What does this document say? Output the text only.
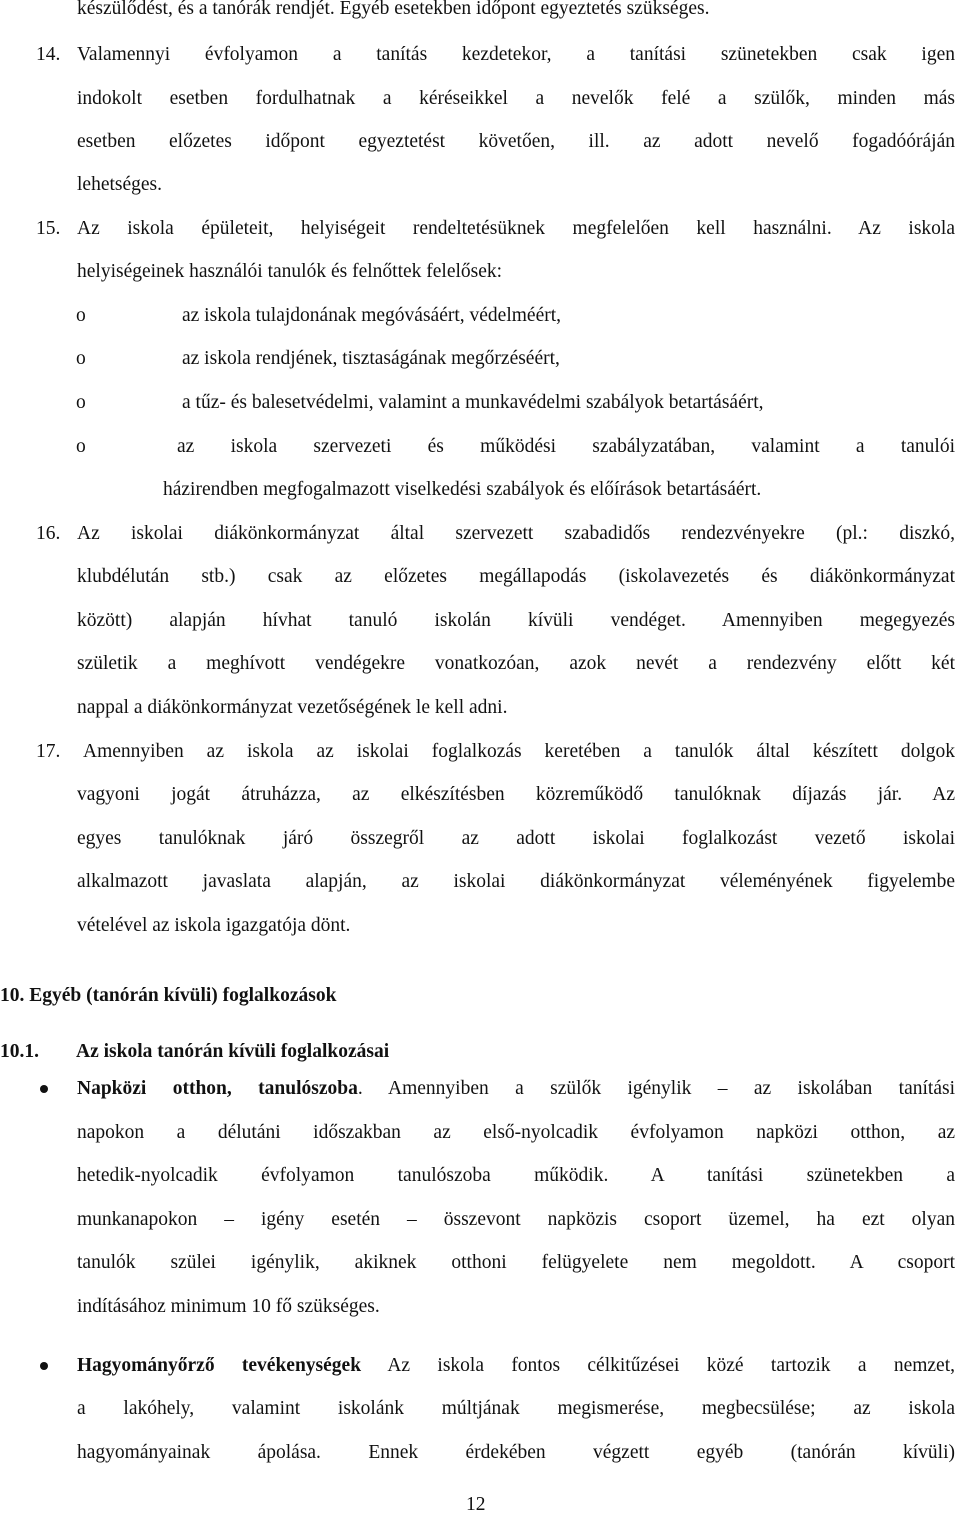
készülődést, és a tanórák rendjét. Egyéb esetekben időpont egyeztetés szükséges.
14. Valamennyi évfolyamon a tanítás kezdetekor, a tanítási szünetekben csak igen
indokolt esetben fordulhatnak a kéréseikkel a nevelők felé a szülők, minden más
esetben előzetes időpont egyeztetést követően, ill. az adott nevelő fogadóóráján
lehetséges.
15. Az iskola épületeit, helyiségeit rendeltetésüknek megfelelően kell használni. Az iskola
helyiségeinek használói tanulók és felnőttek felelősek:
o	az iskola tulajdonának megóvásáért, védelméért,
o	az iskola rendjének, tisztaságának megőrzéséért,
o	a tűz- és balesetvédelmi, valamint a munkavédelmi szabályok betartásáért,
o	az iskola szervezeti és működési szabályzatában, valamint a tanulói
házirendben megfogalmazott viselkedési szabályok és előírások betartásáért.
16. Az iskolai diákönkormányzat által szervezett szabadidős rendezvényekre (pl.: diszkó,
klubdélután stb.) csak az előzetes megállapodás (iskolavezetés és diákönkormányzat
között) alapján hívhat tanuló iskolán kívüli vendéget. Amennyiben megegyezés
születik a meghívott vendégekre vonatkozóan, azok nevét a rendezvény előtt két
nappal a diákönkormányzat vezetőségének le kell adni.
17. Amennyiben az iskola az iskolai foglalkozás keretében a tanulók által készített dolgok
vagyoni jogát átruházza, az elkészítésben közreműködő tanulóknak díjazás jár. Az
egyes tanulóknak járó összegről az adott iskolai foglalkozást vezető iskolai
alkalmazott javaslata alapján, az iskolai diákönkormányzat véleményének figyelembe
vételével az iskola igazgatója dönt.
10. Egyéb (tanórán kívüli) foglalkozások
10.1. Az iskola tanórán kívüli foglalkozásai
Napközi otthon, tanulószoba. Amennyiben a szülők igénylik – az iskolában tanítási
napokon a délutáni időszakban az első-nyolcadik évfolyamon napközi otthon, az
hetedik-nyolcadik évfolyamon tanulószoba működik. A tanítási szünetekben a
munkanapokon – igény esetén – összevont napközis csoport üzemel, ha ezt olyan
tanulók szülei igénylik, akiknek otthoni felügyelete nem megoldott. A csoport
indításához minimum 10 fő szükséges.
Hagyományőrző tevékenységek Az iskola fontos célkitűzései közé tartozik a nemzet,
a lakóhely, valamint iskolánk múltjának megismerése, megbecsülése; az iskola
hagyományainak ápolása. Ennek érdekében végzett egyéb (tanórán kívüli)
12
